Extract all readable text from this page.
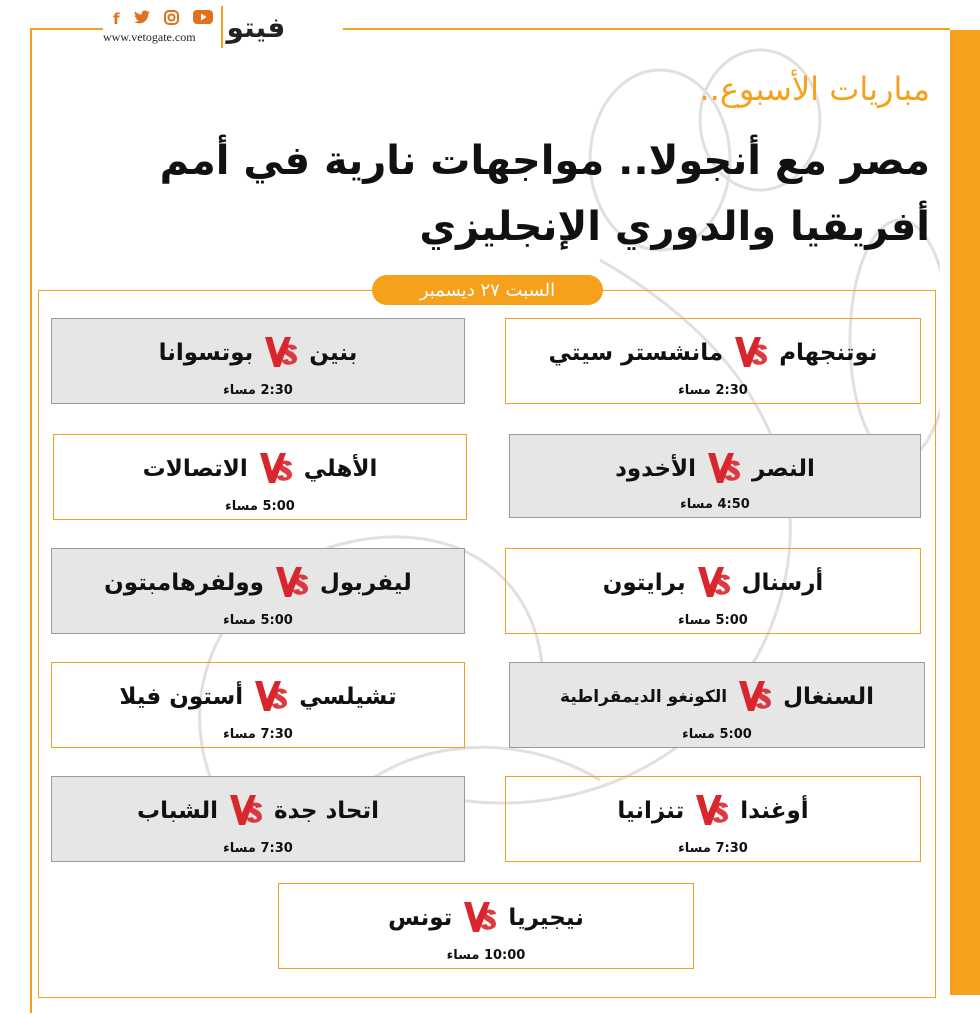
f
www.vetogate.com فيتو
مباريات الأسبوع..
مصر مع أنجولا.. مواجهات نارية في أمم أفريقيا والدوري الإنجليزي
السبت ٢٧ ديسمبر
نوتنجهام
مانشستر سيتي
2:30 مساء
بنين
بوتسوانا
2:30 مساء
النصر
الأخدود
4:50 مساء
الأهلي
الاتصالات
5:00 مساء
أرسنال
برايتون
5:00 مساء
ليفربول
وولفرهامبتون
5:00 مساء
السنغال
الكونغو الديمقراطية
5:00 مساء
تشيلسي
أستون فيلا
7:30 مساء
أوغندا
تنزانيا
7:30 مساء
اتحاد جدة
الشباب
7:30 مساء
نيجيريا
تونس
10:00 مساء
